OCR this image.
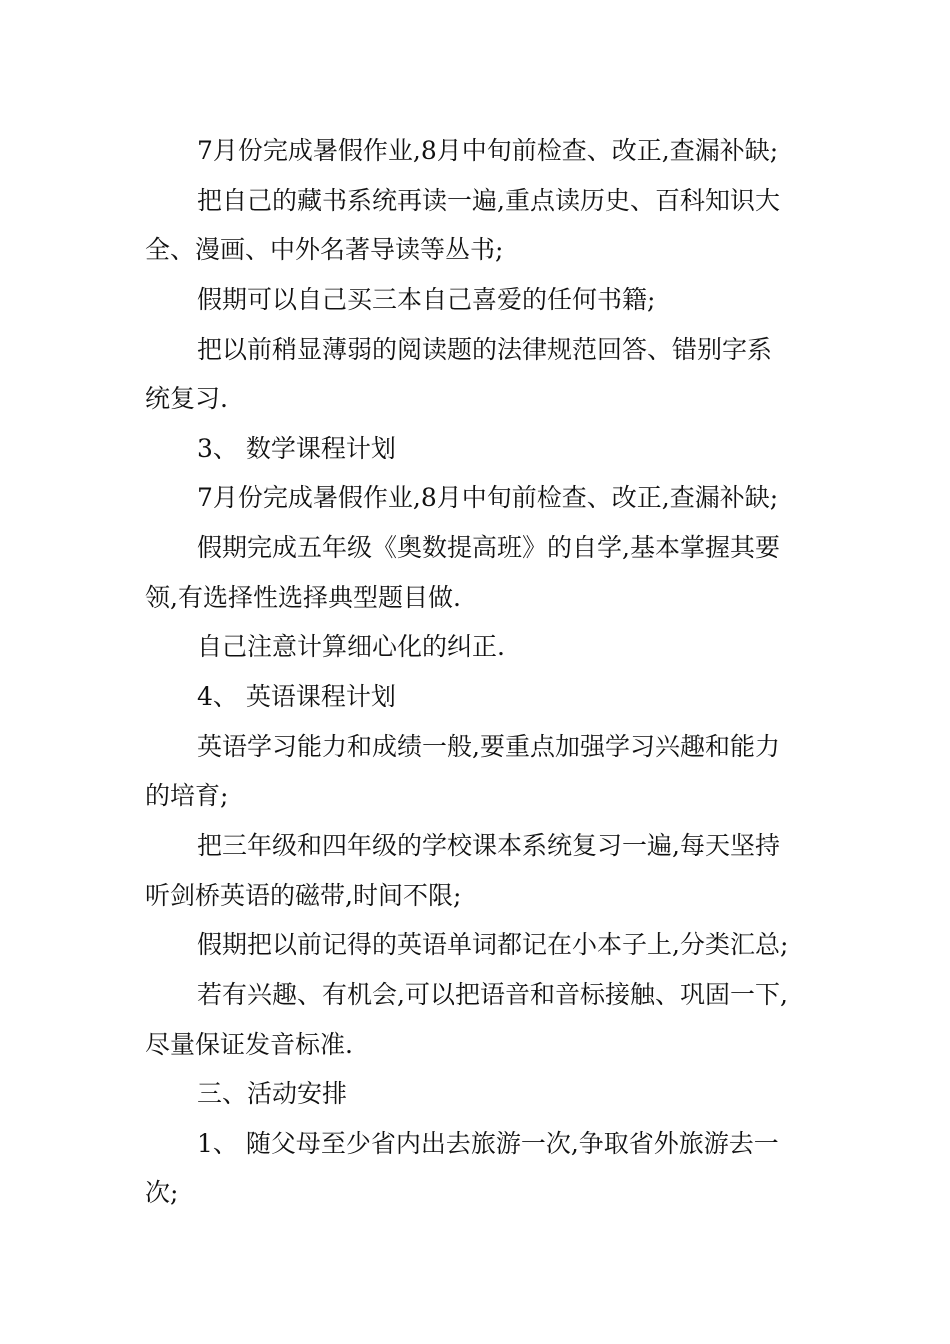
7月份完成暑假作业,8月中旬前检查、改正,查漏补缺;
把自己的藏书系统再读一遍,重点读历史、百科知识大
全、漫画、中外名著导读等丛书;
假期可以自己买三本自己喜爱的任何书籍;
把以前稍显薄弱的阅读题的法律规范回答、错别字系
统复习.
3、 数学课程计划
7月份完成暑假作业,8月中旬前检查、改正,查漏补缺;
假期完成五年级《奥数提高班》的自学,基本掌握其要
领,有选择性选择典型题目做.
自己注意计算细心化的纠正.
4、 英语课程计划
英语学习能力和成绩一般,要重点加强学习兴趣和能力
的培育;
把三年级和四年级的学校课本系统复习一遍,每天坚持
听剑桥英语的磁带,时间不限;
假期把以前记得的英语单词都记在小本子上,分类汇总;
若有兴趣、有机会,可以把语音和音标接触、巩固一下,
尽量保证发音标准.
三、活动安排
1、 随父母至少省内出去旅游一次,争取省外旅游去一
次;
